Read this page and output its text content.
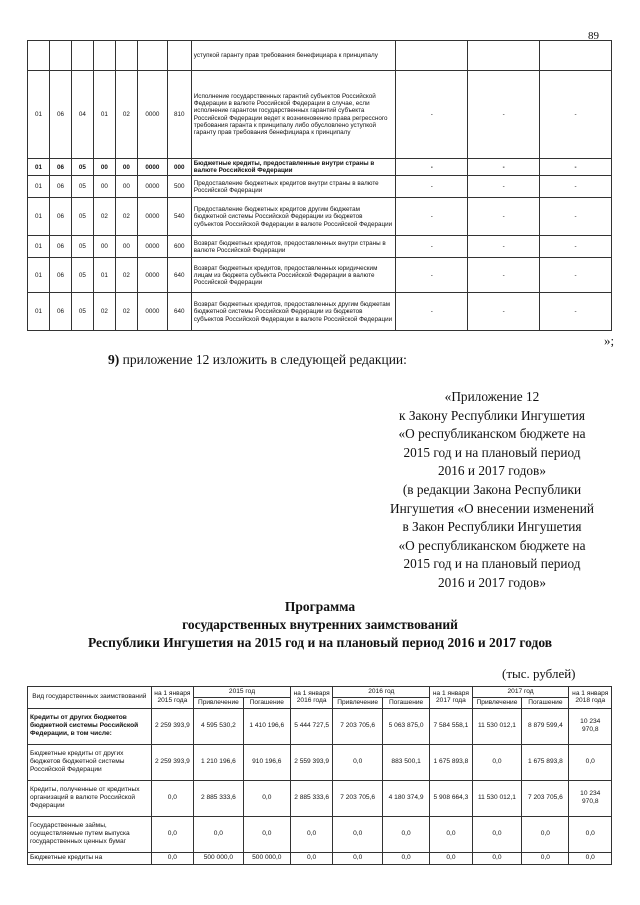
89
							уступкой гаранту прав требования бенефициара к принципалу			
01	06	04	01	02	0000	810	Исполнение государственных гарантий субъектов Российской Федерации в валюте Российской Федерации в случае, если исполнение гарантом государственных гарантий субъекта Российской Федерации ведет к возникновению права регрессного требования гаранта к принципалу либо обусловлено уступкой гаранту прав требования бенефициара к принципалу	-	-	-
01	06	05	00	00	0000	000	Бюджетные кредиты, предоставленные внутри страны в валюте Российской Федерации	-	-	-
01	06	05	00	00	0000	500	Предоставление бюджетных кредитов внутри страны в валюте Российской Федерации	-	-	-
01	06	05	02	02	0000	540	Предоставление бюджетных кредитов другим бюджетам бюджетной системы Российской Федерации из бюджетов субъектов Российской Федерации в валюте Российской Федерации	-	-	-
01	06	05	00	00	0000	600	Возврат бюджетных кредитов, предоставленных внутри страны в валюте Российской Федерации	-	-	-
01	06	05	01	02	0000	640	Возврат бюджетных кредитов, предоставленных юридическим лицам из бюджета субъекта Российской Федерации в валюте Российской Федерации	-	-	-
01	06	05	02	02	0000	640	Возврат бюджетных кредитов, предоставленных другим бюджетам бюджетной системы Российской Федерации из бюджетов субъектов Российской Федерации в валюте Российской Федерации	-	-	-
»;
9) приложение 12 изложить в следующей редакции:
«Приложение 12
к Закону Республики Ингушетия
«О республиканском бюджете на
2015 год и на плановый период
2016 и 2017 годов»
(в редакции Закона Республики
Ингушетия «О внесении изменений
в Закон Республики Ингушетия
«О республиканском бюджете на
2015 год и на плановый период
2016 и 2017 годов»
Программа
государственных внутренних заимствований
Республики Ингушетия на 2015 год и на плановый период 2016 и 2017 годов
(тыс. рублей)
Вид государственных заимствований	на 1 января 2015 года	2015 год		на 1 января 2016 года	2016 год		на 1 января 2017 года	2017 год		на 1 января 2018 года
		Привлечение	Погашение		Привлечение	Погашение		Привлечение	Погашение	
Кредиты от других бюджетов бюджетной системы Российской Федерации, в том числе:	2 259 393,9	4 595 530,2	1 410 196,6	5 444 727,5	7 203 705,6	5 063 875,0	7 584 558,1	11 530 012,1	8 879 599,4	10 234 970,8
Бюджетные кредиты от других бюджетов бюджетной системы Российской Федерации	2 259 393,9	1 210 196,6	910 196,6	2 559 393,9	0,0	883 500,1	1 675 893,8	0,0	1 675 893,8	0,0
Кредиты, полученные от кредитных организаций в валюте Российской Федерации	0,0	2 885 333,6	0,0	2 885 333,6	7 203 705,6	4 180 374,9	5 908 664,3	11 530 012,1	7 203 705,6	10 234 970,8
Государственные займы, осуществляемые путем выпуска государственных ценных бумаг	0,0	0,0	0,0	0,0	0,0	0,0	0,0	0,0	0,0	0,0
Бюджетные кредиты на	0,0	500 000,0	500 000,0	0,0	0,0	0,0	0,0	0,0	0,0	0,0
